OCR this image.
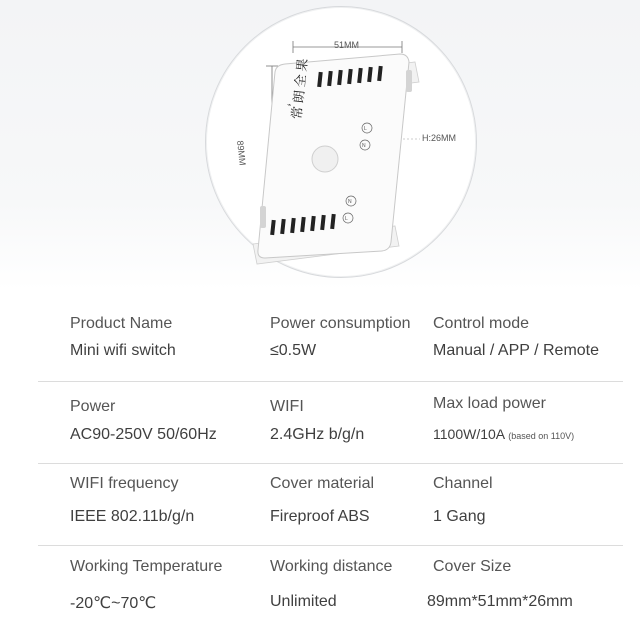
L
N
N
L
⌁
51MM
89MM
H:26MM
常朗全果
Product Name
Mini wifi switch
Power consumption
≤0.5W
Control mode
Manual / APP / Remote
Power
AC90-250V 50/60Hz
WIFI
2.4GHz b/g/n
Max load power
1100W/10A (based on 110V)
WIFI frequency
IEEE 802.11b/g/n
Cover material
Fireproof ABS
Channel
1 Gang
Working Temperature
-20℃~70℃
Working distance
Unlimited
Cover Size
89mm*51mm*26mm
